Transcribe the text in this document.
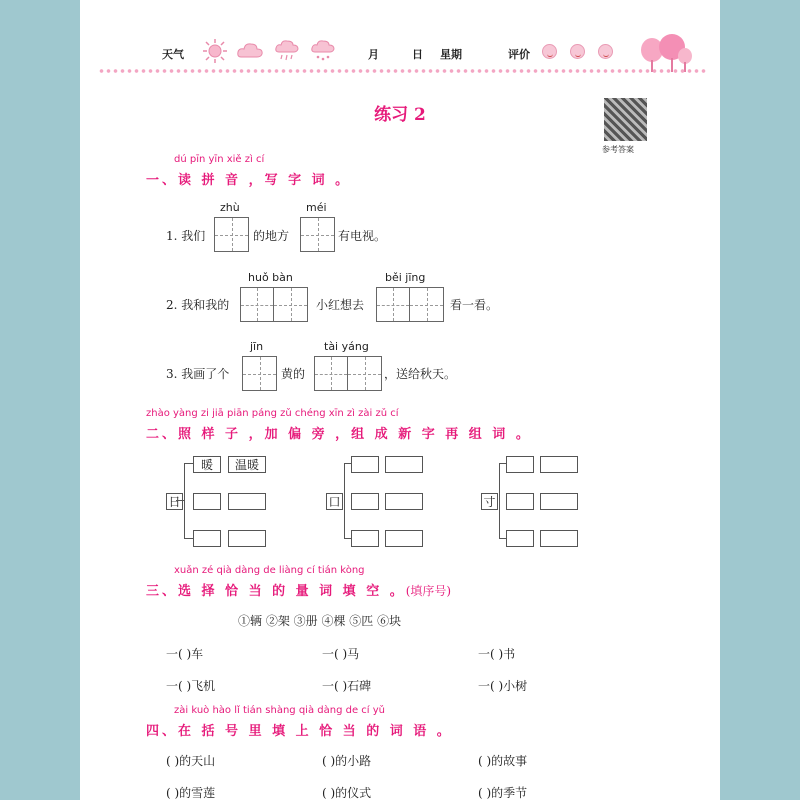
天气	月	日 星期	评价
练习 2
参考答案
dú pīn yīn xiě zì cí
一、读 拼 音 ，写 字 词 。
1. 我们
zhù
的地方
méi
有电视。
2. 我和我的
huǒ bàn
小红想去
běi jīng
看一看。
3. 我画了个
jīn
黄的
tài yáng
，送给秋天。
zhào yàng zi jiā piān páng zǔ chéng xīn zì zài zǔ cí
二、照 样 子 ，加 偏 旁 ，组 成 新 字 再 组 词 。
日
暖	温暖
口	寸
xuǎn zé qià dàng de liàng cí tián kòng
三、选 择 恰 当 的 量 词 填 空 。(填序号)
①辆 ②架 ③册 ④棵 ⑤匹 ⑥块
一( )车	一( )马	一( )书
一( )飞机	一( )石碑	一( )小树
zài kuò hào lǐ tián shàng qià dàng de cí yǔ
四、在 括 号 里 填 上 恰 当 的 词 语 。
( )的天山	( )的小路	( )的故事
( )的雪莲	( )的仪式	( )的季节
